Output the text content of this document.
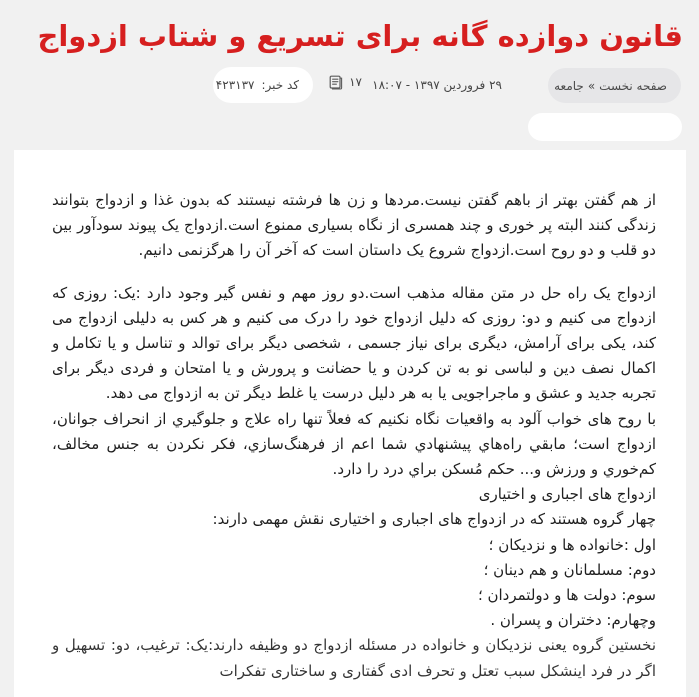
قانون دوازده گانه برای تسریع و شتاب ازدواج
صفحه نخست
»
جامعه
۲۹ فروردین ۱۳۹۷ - ۱۸:۰۷
۱۷
کد خبر:
۴۲۳۱۳۷

از هم گفتن بهتر از باهم گفتن نیست.مردها و زن ها فرشته نیستند که بدون غذا و ازدواج بتوانند زندگی کنند البته پر خوری و چند همسری از نگاه بسیاری ممنوع است.ازدواج یک پیوند سودآور بین دو قلب و دو روح است.ازدواج شروع یک داستان است که آخر آن را هرگزنمی دانیم.

ازدواج یک راه حل در متن مقاله مذهب است.دو روز مهم و نفس گیر وجود دارد :یک: روزی که ازدواج می کنیم و دو: روزی که دلیل ازدواج خود را درک می کنیم و هر کس به دلیلی ازدواج می کند، یکی برای آرامش، دیگری برای نیاز جسمی ، شخصی دیگر برای توالد و تناسل و یا تکامل و اکمال نصف دین و لباسی نو به تن کردن و یا حضانت و پرورش و یا امتحان و فردی دیگر برای تجربه جدید و عشق و ماجراجویی یا به هر دلیل درست یا غلط دیگر تن به ازدواج می دهد.

با روح های خواب آلود به واقعیات نگاه نکنیم که فعلاً تنها راه علاج و جلوگيري از انحراف جوانان، ازدواج است؛ مابقي راه‌هاي پيشنهادي شما اعم از فرهنگ‌سازي، فكر نكردن به جنس مخالف، كم‌خوري و ورزش و... حكم مُسكن براي درد را دارد.

ازدواج های اجباری و اختیاری

چهار گروه هستند که در ازدواج های اجباری و اختیاری نقش مهمی دارند:

اول :خانواده ها و نزدیکان ؛

دوم: مسلمانان و هم دینان ؛

سوم: دولت ها و دولتمردان ؛

وچهارم: دختران و پسران .

نخستین گروه یعنی نزدیکان و خانواده در مسئله ازدواج دو وظیفه دارند:یک: ترغیب، دو: تسهیل و اگر در فرد اینشکل سبب تعتل و تحرف ادی گفتاری و ساختاری تفکرات
